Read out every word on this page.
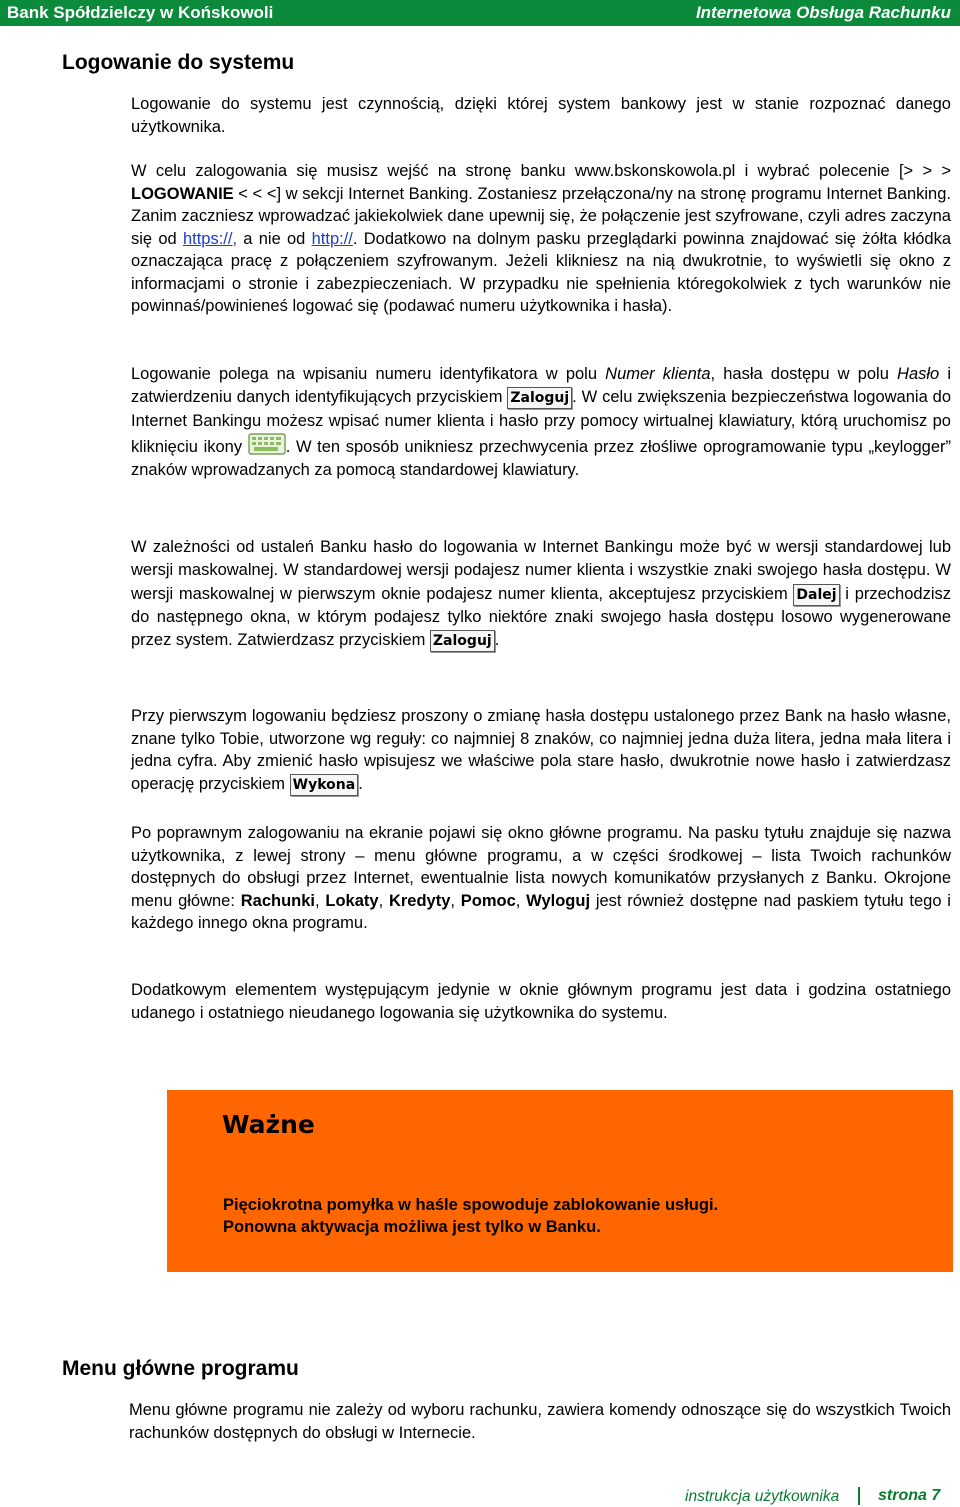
Bank Spółdzielczy w Końskowoli	Internetowa Obsługa Rachunku
Logowanie do systemu
Logowanie do systemu jest czynnością, dzięki której system bankowy jest w stanie rozpoznać danego użytkownika.
W celu zalogowania się musisz wejść na stronę banku www.bskonskowola.pl i wybrać polecenie [> > > LOGOWANIE < < <] w sekcji Internet Banking. Zostaniesz przełączona/ny na stronę programu Internet Banking. Zanim zaczniesz wprowadzać jakiekolwiek dane upewnij się, że połączenie jest szyfrowane, czyli adres zaczyna się od https://, a nie od http://. Dodatkowo na dolnym pasku przeglądarki powinna znajdować się żółta kłódka oznaczająca pracę z połączeniem szyfrowanym. Jeżeli klikniesz na nią dwukrotnie, to wyświetli się okno z informacjami o stronie i zabezpieczeniach. W przypadku nie spełnienia któregokolwiek z tych warunków nie powinnaś/powinieneś logować się (podawać numeru użytkownika i hasła).
Logowanie polega na wpisaniu numeru identyfikatora w polu Numer klienta, hasła dostępu w polu Hasło i zatwierdzeniu danych identyfikujących przyciskiem Zaloguj . W celu zwiększenia bezpieczeństwa logowania do Internet Bankingu możesz wpisać numer klienta i hasło przy pomocy wirtualnej klawiatury, którą uruchomisz po kliknięciu ikony . W ten sposób unikniesz przechwycenia przez złośliwe oprogramowanie typu „keylogger” znaków wprowadzanych za pomocą standardowej klawiatury.
W zależności od ustaleń Banku hasło do logowania w Internet Bankingu może być w wersji standardowej lub wersji maskowalnej. W standardowej wersji podajesz numer klienta i wszystkie znaki swojego hasła dostępu. W wersji maskowalnej w pierwszym oknie podajesz numer klienta, akceptujesz przyciskiem Dalej i przechodzisz do następnego okna, w którym podajesz tylko niektóre znaki swojego hasła dostępu losowo wygenerowane przez system. Zatwierdzasz przyciskiem Zaloguj .
Przy pierwszym logowaniu będziesz proszony o zmianę hasła dostępu ustalonego przez Bank na hasło własne, znane tylko Tobie, utworzone wg reguły: co najmniej 8 znaków, co najmniej jedna duża litera, jedna mała litera i jedna cyfra. Aby zmienić hasło wpisujesz we właściwe pola stare hasło, dwukrotnie nowe hasło i zatwierdzasz operację przyciskiem Wykona .
Po poprawnym zalogowaniu na ekranie pojawi się okno główne programu. Na pasku tytułu znajduje się nazwa użytkownika, z lewej strony – menu główne programu, a w części środkowej – lista Twoich rachunków dostępnych do obsługi przez Internet, ewentualnie lista nowych komunikatów przysłanych z Banku. Okrojone menu główne: Rachunki, Lokaty, Kredyty, Pomoc, Wyloguj jest również dostępne nad paskiem tytułu tego i każdego innego okna programu.
Dodatkowym elementem występującym jedynie w oknie głównym programu jest data i godzina ostatniego udanego i ostatniego nieudanego logowania się użytkownika do systemu.
Ważne
Pięciokrotna pomyłka w haśle spowoduje zablokowanie usługi.
Ponowna aktywacja możliwa jest tylko w Banku.
Menu główne programu
Menu główne programu nie zależy od wyboru rachunku, zawiera komendy odnoszące się do wszystkich Twoich rachunków dostępnych do obsługi w Internecie.
instrukcja użytkownika strona 7
